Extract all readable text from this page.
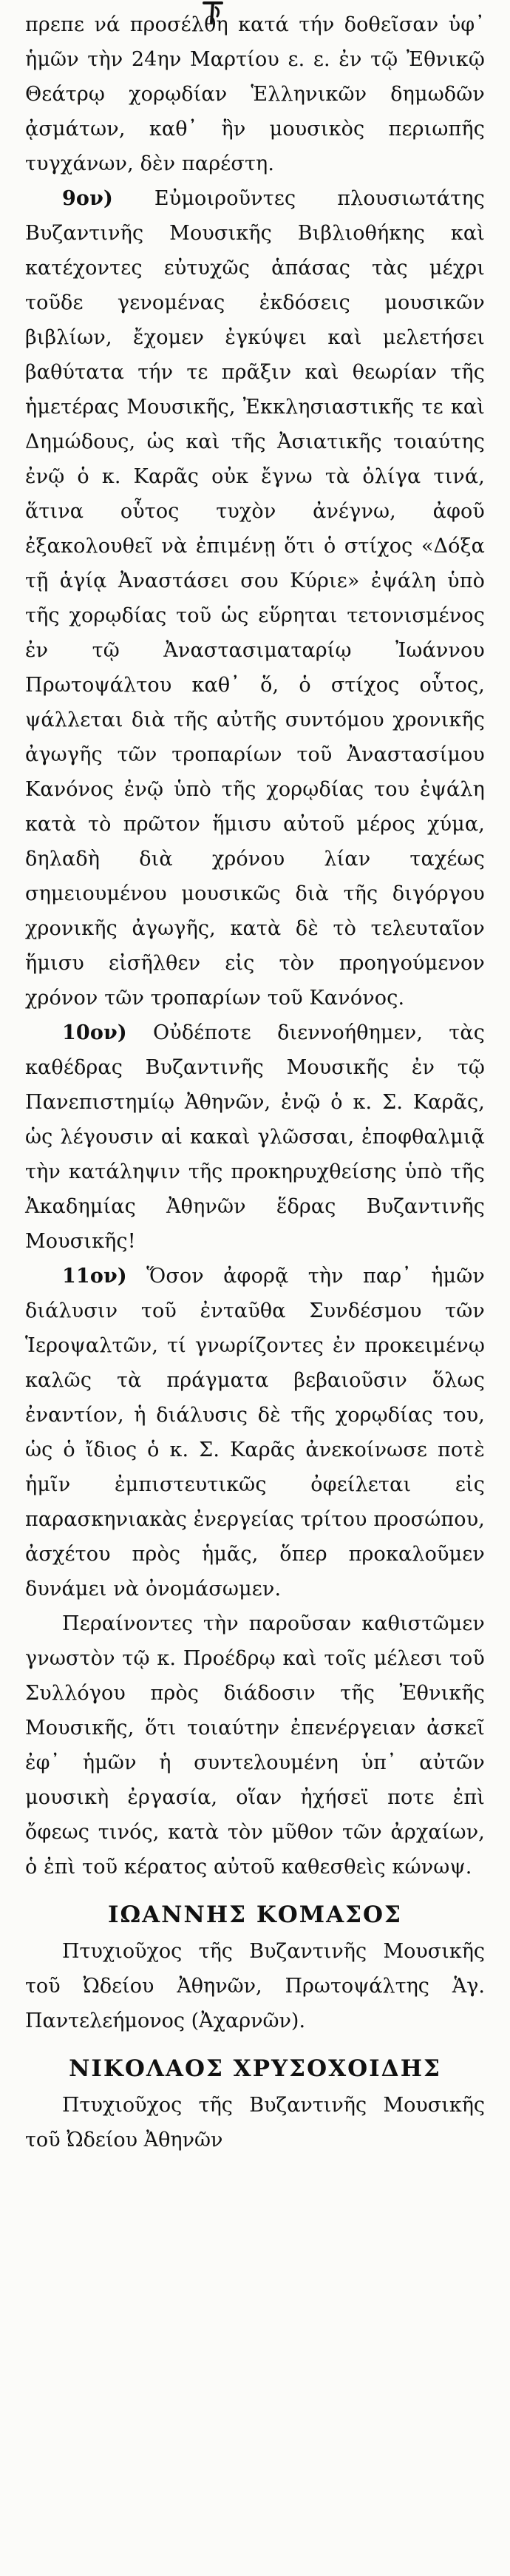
πρεπε νά προσέλθη κατά τήν δοθεῖσαν ὑφ᾽ ἡμῶν τὴν 24ην Μαρτίου ε. ε. ἐν τῷ Ἐθνικῷ Θεάτρῳ χορῳδίαν Ἑλληνικῶν δημωδῶν ᾀσμάτων, καθ᾽ ἣν μουσικὸς περιωπῆς τυγχάνων, δὲν παρέστη.

9ον) Εὐμοιροῦντες πλουσιωτάτης Βυζαντινῆς Μουσικῆς Βιβλιοθήκης καὶ κατέχοντες εὐτυχῶς ἁπάσας τὰς μέχρι τοῦδε γενομένας ἐκδόσεις μουσικῶν βιβλίων, ἔχομεν ἐγκύψει καὶ μελετήσει βαθύτατα τήν τε πρᾶξιν καὶ θεωρίαν τῆς ἡμετέρας Μουσικῆς, Ἐκκλησιαστικῆς τε καὶ Δημώδους, ὡς καὶ τῆς Ἀσιατικῆς τοιαύτης ἐνῷ ὁ κ. Καρᾶς οὐκ ἔγνω τὰ ὀλίγα τινά, ἅτινα οὗτος τυχὸν ἀνέγνω, ἀφοῦ ἐξακολουθεῖ νὰ ἐπιμένῃ ὅτι ὁ στίχος «Δόξα τῇ ἁγίᾳ Ἀναστάσει σου Κύριε» ἐψάλη ὑπὸ τῆς χορῳδίας τοῦ ὡς εὕρηται τετονισμένος ἐν τῷ Ἀναστασιματαρίῳ Ἰωάννου Πρωτοψάλτου καθ᾽ ὅ, ὁ στίχος οὗτος, ψάλλεται διὰ τῆς αὐτῆς συντόμου χρονικῆς ἀγωγῆς τῶν τροπαρίων τοῦ Ἀναστασίμου Κανόνος ἐνῷ ὑπὸ τῆς χορῳδίας του ἐψάλη κατὰ τὸ πρῶτον ἥμισυ αὐτοῦ μέρος χύμα, δηλαδὴ διὰ χρόνου λίαν ταχέως σημειουμένου μουσικῶς διὰ τῆς διγόργου χρονικῆς ἀγωγῆς, κατὰ δὲ τὸ τελευταῖον ἥμισυ εἰσῆλθεν εἰς τὸν προηγούμενον χρόνον τῶν τροπαρίων τοῦ Κανόνος.

10ον) Οὐδέποτε διεννοήθημεν, τὰς καθέδρας Βυζαντινῆς Μουσικῆς ἐν τῷ Πανεπιστημίῳ Ἀθηνῶν, ἐνῷ ὁ κ. Σ. Καρᾶς, ὡς λέγουσιν αἱ κακαὶ γλῶσσαι, ἐποφθαλμιᾷ τὴν κατάληψιν τῆς προκηρυχθείσης ὑπὸ τῆς Ἀκαδημίας Ἀθηνῶν ἕδρας Βυζαντινῆς Μουσικῆς!

11ον) Ὅσον ἀφορᾷ τὴν παρ᾽ ἡμῶν διάλυσιν τοῦ ἐνταῦθα Συνδέσμου τῶν Ἱεροψαλτῶν, τί γνωρίζοντες ἐν προκειμένῳ καλῶς τὰ πράγματα βεβαιοῦσιν ὅλως ἐναντίον, ἡ διάλυσις δὲ τῆς χορῳδίας του, ὡς ὁ ἴδιος ὁ κ. Σ. Καρᾶς ἀνεκοίνωσε ποτὲ ἡμῖν ἐμπιστευτικῶς ὀφείλεται εἰς παρασκηνιακὰς ἐνεργείας τρίτου προσώπου, ἀσχέτου πρὸς ἡμᾶς, ὅπερ προκαλοῦμεν δυνάμει νὰ ὀνομάσωμεν.

Περαίνοντες τὴν παροῦσαν καθιστῶμεν γνωστὸν τῷ κ. Προέδρῳ καὶ τοῖς μέλεσι τοῦ Συλλόγου πρὸς διάδοσιν τῆς Ἐθνικῆς Μουσικῆς, ὅτι τοιαύτην ἐπενέργειαν ἀσκεῖ ἐφ᾽ ἡμῶν ἡ συντελουμένη ὑπ᾽ αὐτῶν μουσικὴ ἐργασία, οἵαν ἠχήσεϊ ποτε ἐπὶ ὄφεως τινός, κατὰ τὸν μῦθον τῶν ἀρχαίων, ὁ ἐπὶ τοῦ κέρατος αὐτοῦ καθεσθεὶς κώνωψ.

ΙΩΑΝΝΗΣ ΚΟΜΑΣΟΣ

Πτυχιοῦχος τῆς Βυζαντινῆς Μουσικῆς τοῦ Ὠδείου Ἀθηνῶν, Πρωτοψάλτης Ἁγ. Παντελεήμονος (Ἀχαρνῶν).

ΝΙΚΟΛΑΟΣ ΧΡΥΣΟΧΟΙΔΗΣ

Πτυχιοῦχος τῆς Βυζαντινῆς Μουσικῆς τοῦ Ὠδείου Ἀθηνῶν
